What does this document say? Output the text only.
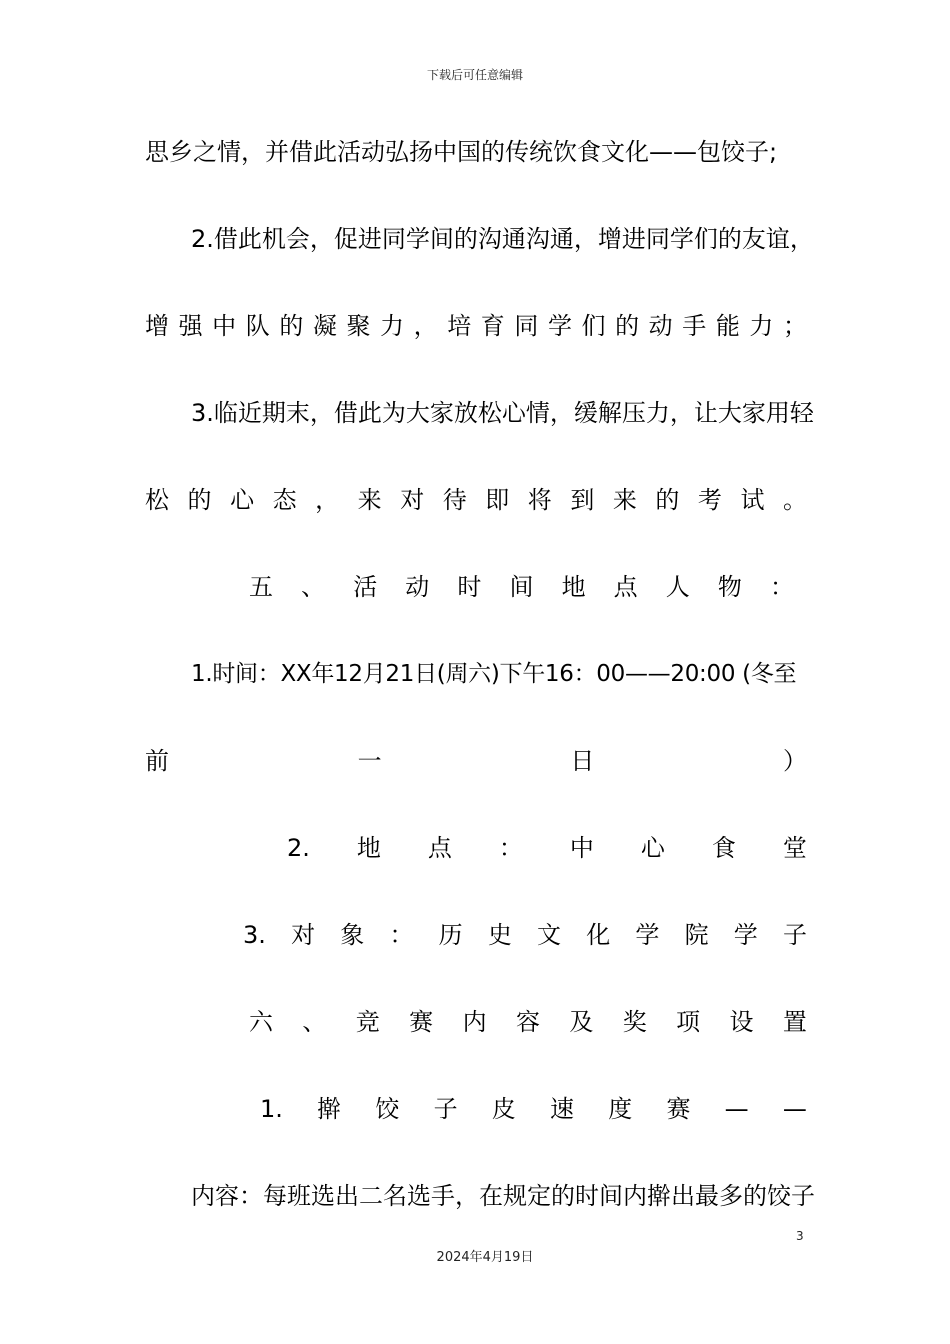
下载后可任意编辑
思乡之情，并借此活动弘扬中国的传统饮食文化——包饺子;
2.借此机会，促进同学间的沟通沟通，增进同学们的友谊，
增 强 中 队 的 凝 聚 力 ， 培 育 同 学 们 的 动 手 能 力 ；
3.临近期末，借此为大家放松心情，缓解压力，让大家用轻
松 的 心 态 ， 来 对 待 即 将 到 来 的 考 试 。
五 、 活 动 时 间 地 点 人 物 ：
1.时间：XX年12月21日(周六)下午16：00——20:00 (冬至
前	一	日	）
2. 地 点 ： 中 心 食 堂
3. 对 象 ： 历 史 文 化 学 院 学 子
六 、 竞 赛 内 容 及 奖 项 设 置
1. 擀 饺 子 皮 速 度 赛 — —
内容：每班选出二名选手，在规定的时间内擀出最多的饺子
3
2024年4月19日
